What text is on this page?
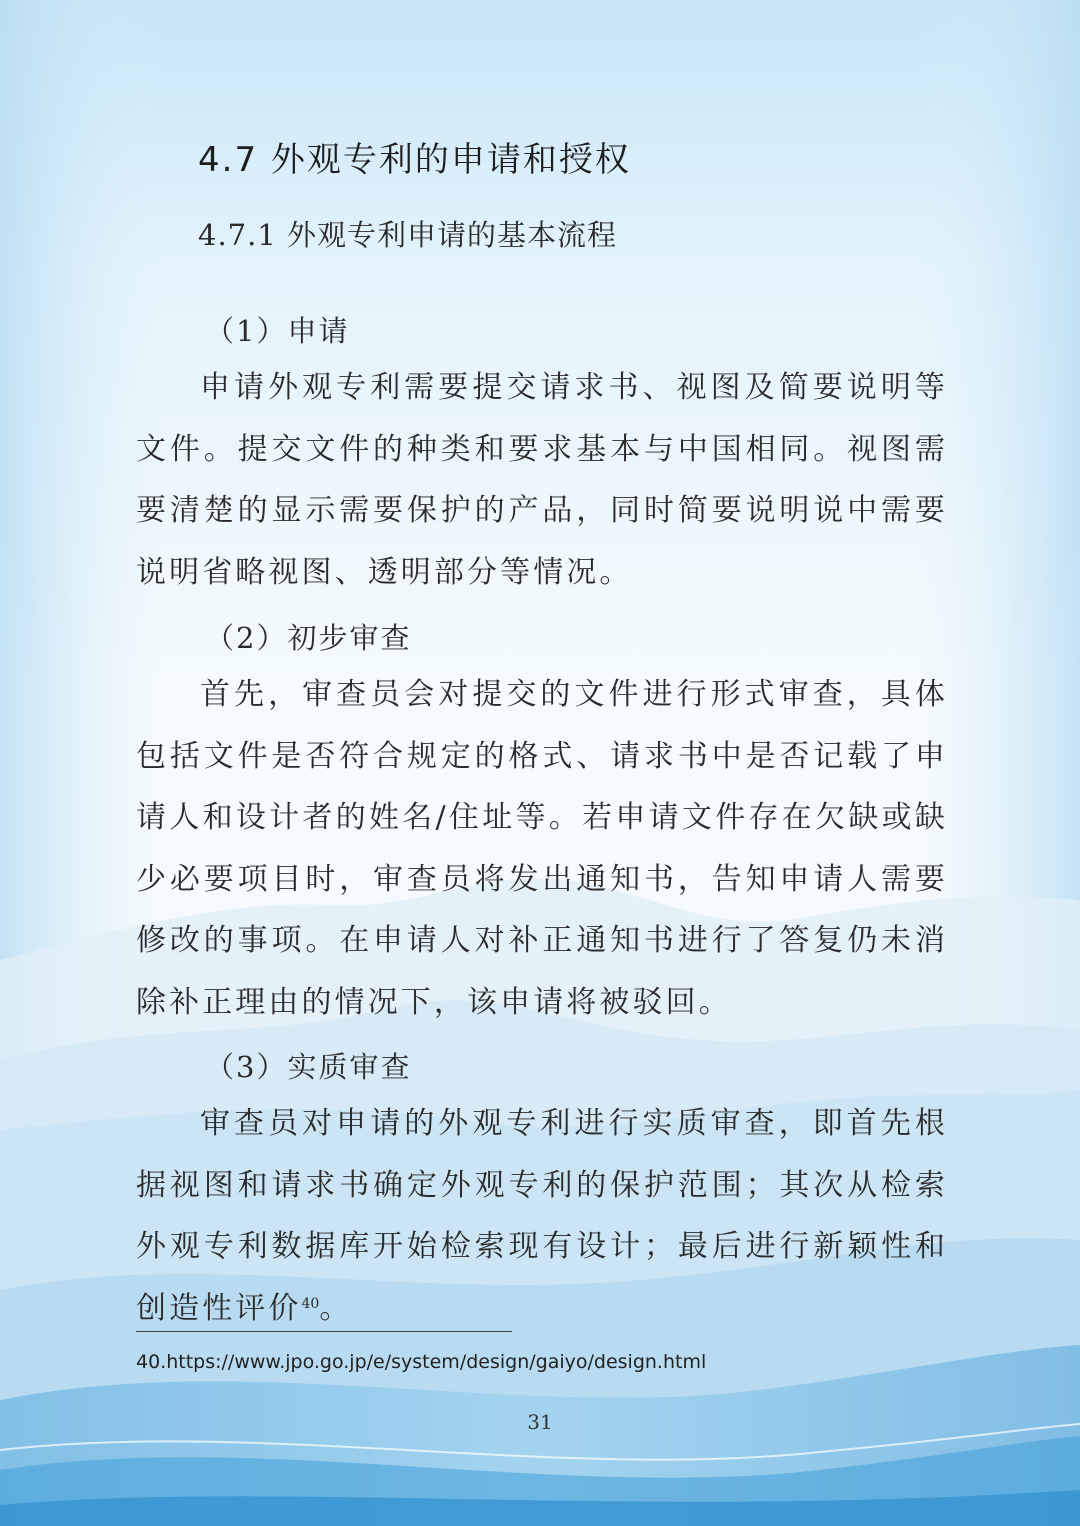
4.7 外观专利的申请和授权
4.7.1 外观专利申请的基本流程
（1）申请

申请外观专利需要提交请求书、视图及简要说明等文件。提交文件的种类和要求基本与中国相同。视图需要清楚的显示需要保护的产品，同时简要说明说中需要说明省略视图、透明部分等情况。

（2）初步审查

首先，审查员会对提交的文件进行形式审查，具体包括文件是否符合规定的格式、请求书中是否记载了申请人和设计者的姓名/住址等。若申请文件存在欠缺或缺少必要项目时，审查员将发出通知书，告知申请人需要修改的事项。在申请人对补正通知书进行了答复仍未消除补正理由的情况下，该申请将被驳回。

（3）实质审查

审查员对申请的外观专利进行实质审查，即首先根据视图和请求书确定外观专利的保护范围；其次从检索外观专利数据库开始检索现有设计；最后进行新颖性和创造性评价$^{40}$。

40.https://www.jpo.go.jp/e/system/design/gaiyo/design.html
31
